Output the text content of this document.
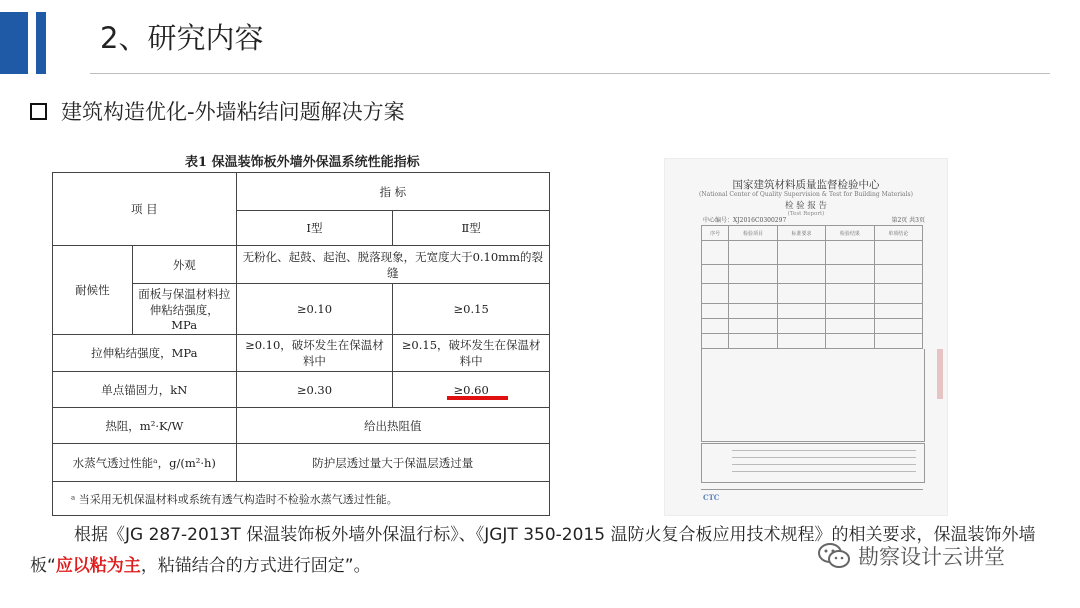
2、研究内容
建筑构造优化-外墙粘结问题解决方案
表1 保温装饰板外墙外保温系统性能指标
项 目		指 标	
		Ⅰ型	Ⅱ型
耐候性	外观	无粉化、起鼓、起泡、脱落现象，无宽度大于0.10mm的裂缝	
	面板与保温材料拉伸粘结强度，MPa	≥0.10	≥0.15
拉伸粘结强度，MPa		≥0.10，破坏发生在保温材料中	≥0.15，破坏发生在保温材料中
单点锚固力，kN		≥0.30	≥0.60
热阻，m²·K/W		给出热阻值	
水蒸气透过性能ᵃ，g/(m²·h)		防护层透过量大于保温层透过量	
ᵃ 当采用无机保温材料或系统有透气构造时不检验水蒸气透过性能。			
国家建筑材料质量监督检验中心
(National Center of Quality Supervision & Test for Building Materials)
检 验 报 告
(Test Report)
中心编号：XJ2016C0300297	第2页 共3页
序号	检验项目	标准要求	检验结果	单项结论

CTC
根据《JG 287-2013T 保温装饰板外墙外保温行标》、《JGJT 350-2015 温防火复合板应用技术规程》的相关要求，保温装饰外墙板“应以粘为主，粘锚结合的方式进行固定”。	勘察设计云讲堂
